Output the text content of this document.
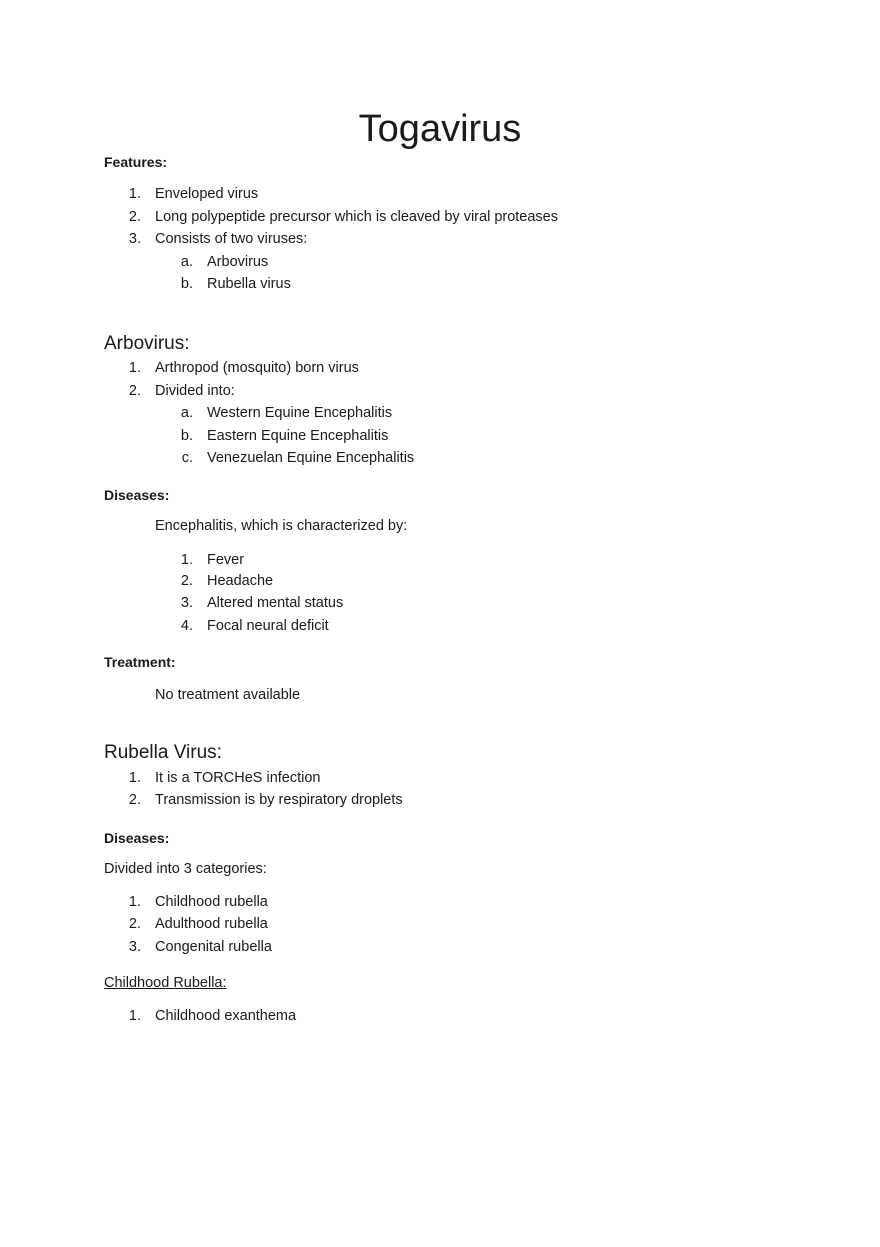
Togavirus
Features:
1. Enveloped virus
2. Long polypeptide precursor which is cleaved by viral proteases
3. Consists of two viruses:
a. Arbovirus
b. Rubella virus
Arbovirus:
1. Arthropod (mosquito) born virus
2. Divided into:
a. Western Equine Encephalitis
b. Eastern Equine Encephalitis
c. Venezuelan Equine Encephalitis
Diseases:
Encephalitis, which is characterized by:
1. Fever
2. Headache
3. Altered mental status
4. Focal neural deficit
Treatment:
No treatment available
Rubella Virus:
1. It is a TORCHeS infection
2. Transmission is by respiratory droplets
Diseases:
Divided into 3 categories:
1. Childhood rubella
2. Adulthood rubella
3. Congenital rubella
Childhood Rubella:
1. Childhood exanthema
